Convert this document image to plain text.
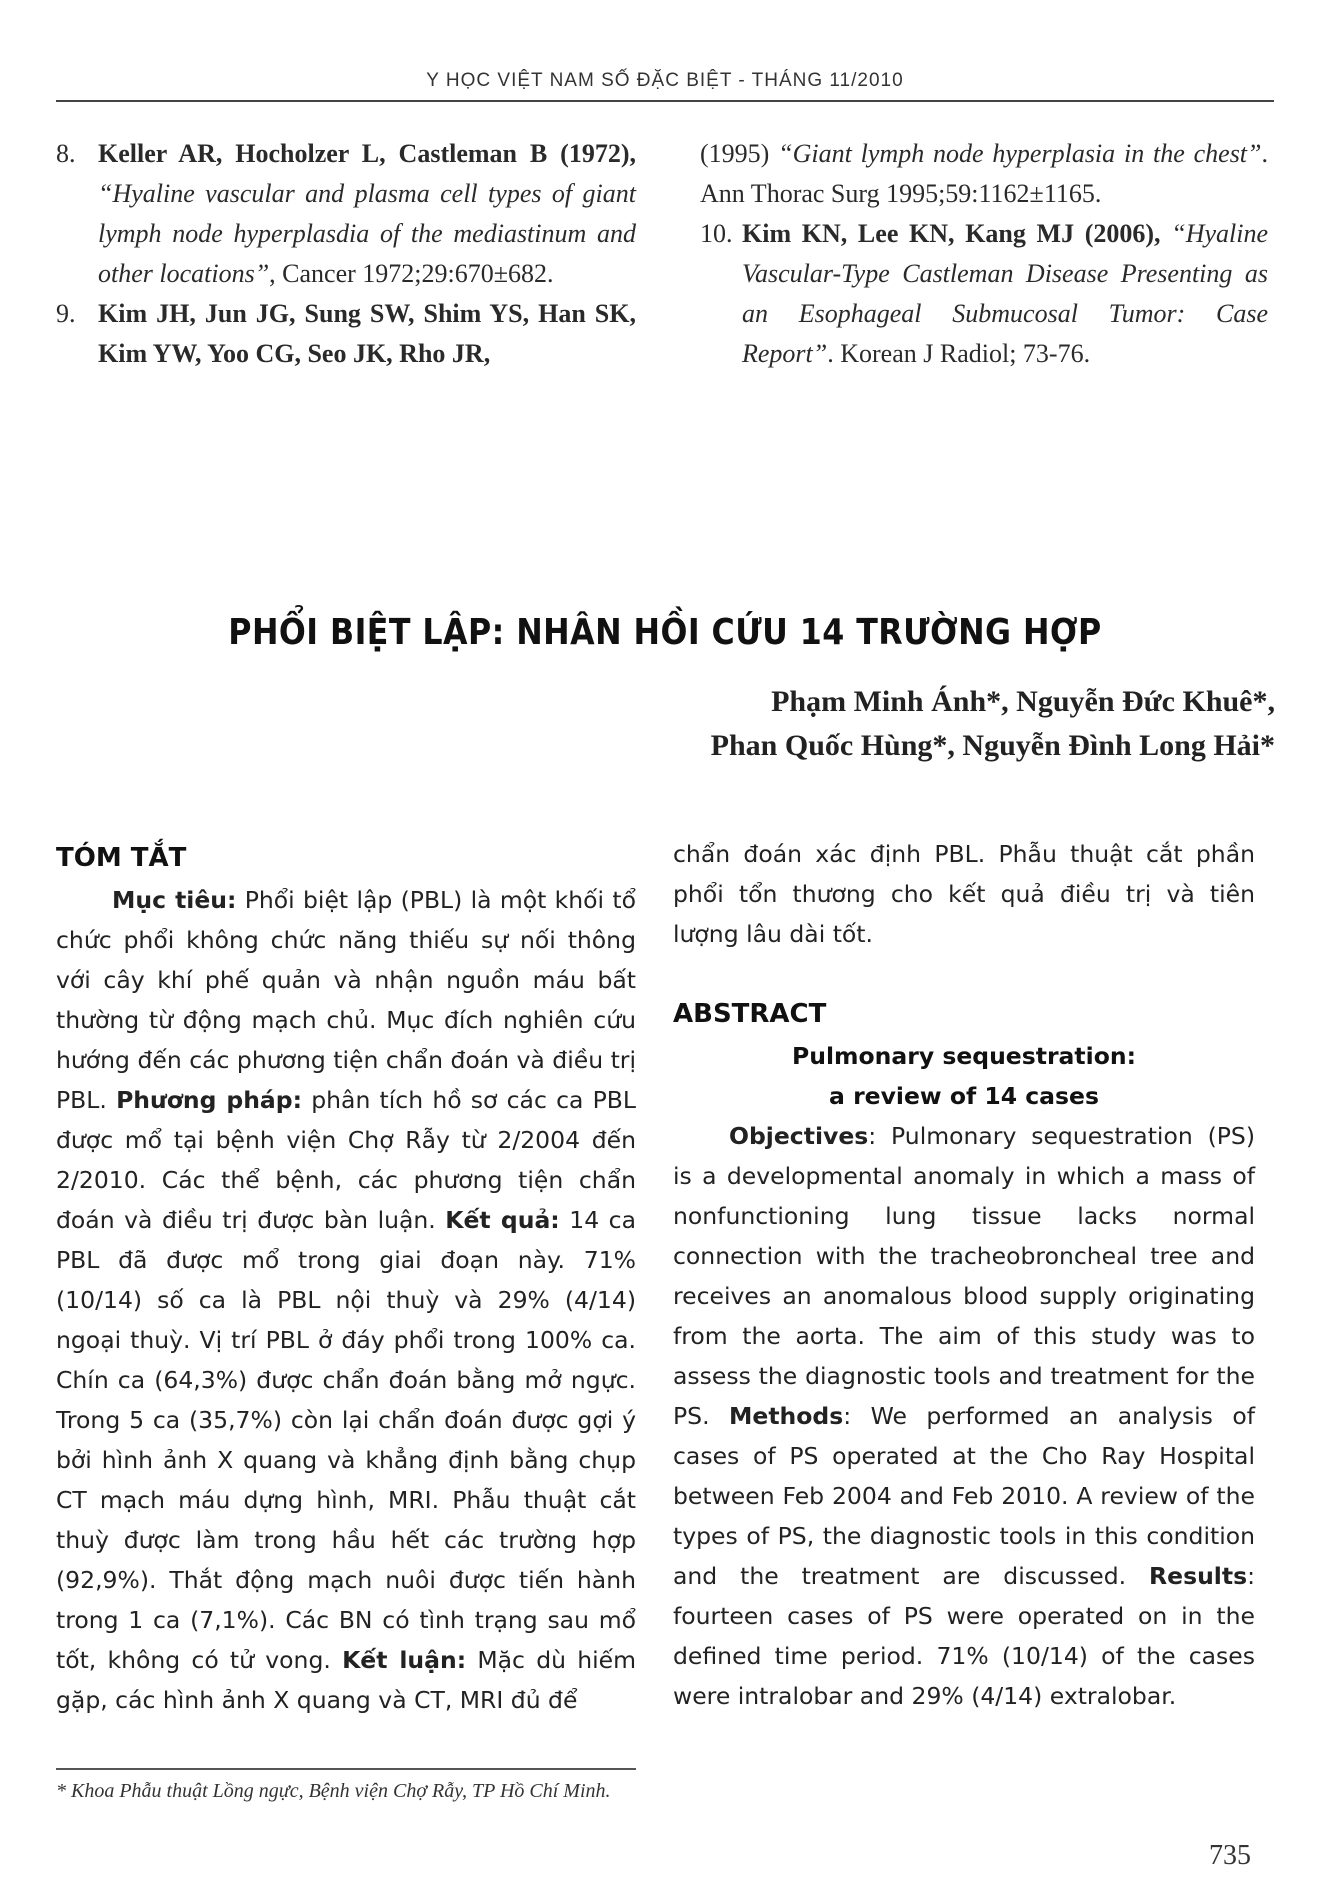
Y HỌC VIỆT NAM SỐ ĐẶC BIỆT - THÁNG 11/2010
8. Keller AR, Hocholzer L, Castleman B (1972), “Hyaline vascular and plasma cell types of giant lymph node hyperplasdia of the mediastinum and other locations”, Cancer 1972;29:670±682.
9. Kim JH, Jun JG, Sung SW, Shim YS, Han SK, Kim YW, Yoo CG, Seo JK, Rho JR,
(1995) “Giant lymph node hyperplasia in the chest”. Ann Thorac Surg 1995;59:1162±1165.
10. Kim KN, Lee KN, Kang MJ (2006), “Hyaline Vascular-Type Castleman Disease Presenting as an Esophageal Submucosal Tumor: Case Report”. Korean J Radiol; 73-76.
PHỔI BIỆT LẬP: NHÂN HỒI CỨU 14 TRƯỜNG HỢP
Phạm Minh Ánh*, Nguyễn Đức Khuê*,
Phan Quốc Hùng*, Nguyễn Đình Long Hải*
TÓM TẮT

Mục tiêu: Phổi biệt lập (PBL) là một khối tổ chức phổi không chức năng thiếu sự nối thông với cây khí phế quản và nhận nguồn máu bất thường từ động mạch chủ. Mục đích nghiên cứu hướng đến các phương tiện chẩn đoán và điều trị PBL. Phương pháp: phân tích hồ sơ các ca PBL được mổ tại bệnh viện Chợ Rẫy từ 2/2004 đến 2/2010. Các thể bệnh, các phương tiện chẩn đoán và điều trị được bàn luận. Kết quả: 14 ca PBL đã được mổ trong giai đoạn này. 71% (10/14) số ca là PBL nội thuỳ và 29% (4/14) ngoại thuỳ. Vị trí PBL ở đáy phổi trong 100% ca. Chín ca (64,3%) được chẩn đoán bằng mở ngực. Trong 5 ca (35,7%) còn lại chẩn đoán được gợi ý bởi hình ảnh X quang và khẳng định bằng chụp CT mạch máu dựng hình, MRI. Phẫu thuật cắt thuỳ được làm trong hầu hết các trường hợp (92,9%). Thắt động mạch nuôi được tiến hành trong 1 ca (7,1%). Các BN có tình trạng sau mổ tốt, không có tử vong. Kết luận: Mặc dù hiếm gặp, các hình ảnh X quang và CT, MRI đủ để

chẩn đoán xác định PBL. Phẫu thuật cắt phần phổi tổn thương cho kết quả điều trị và tiên lượng lâu dài tốt.

ABSTRACT

Pulmonary sequestration:

a review of 14 cases

Objectives: Pulmonary sequestration (PS) is a developmental anomaly in which a mass of nonfunctioning lung tissue lacks normal connection with the tracheobroncheal tree and receives an anomalous blood supply originating from the aorta. The aim of this study was to assess the diagnostic tools and treatment for the PS. Methods: We performed an analysis of cases of PS operated at the Cho Ray Hospital between Feb 2004 and Feb 2010. A review of the types of PS, the diagnostic tools in this condition and the treatment are discussed. Results: fourteen cases of PS were operated on in the defined time period. 71% (10/14) of the cases were intralobar and 29% (4/14) extralobar.

* Khoa Phẫu thuật Lồng ngực, Bệnh viện Chợ Rẫy, TP Hồ Chí Minh.
735
